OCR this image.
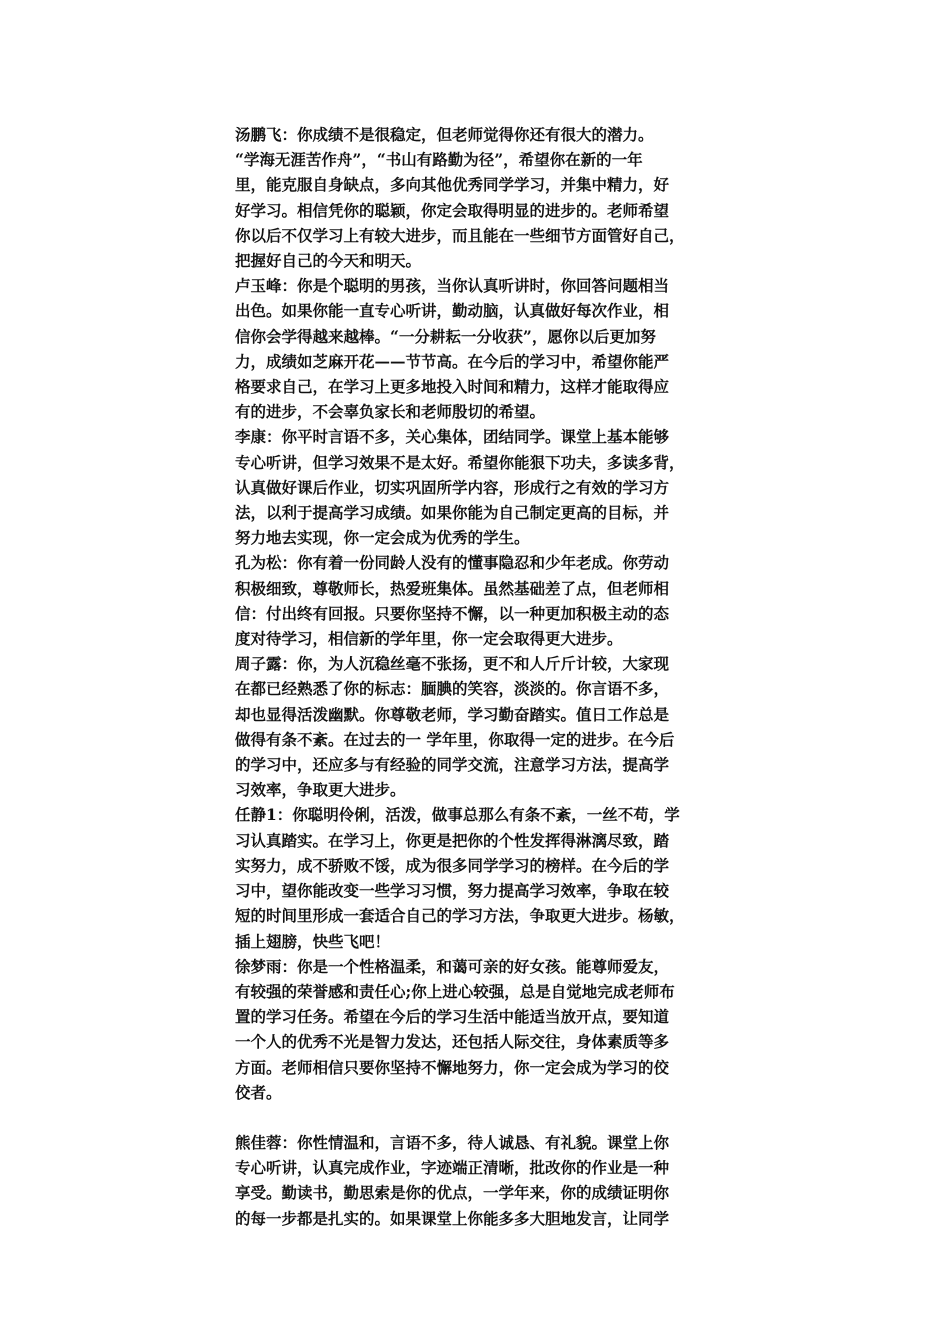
汤鹏飞：你成绩不是很稳定，但老师觉得你还有很大的潜力。
“学海无涯苦作舟”，“书山有路勤为径”，希望你在新的一年
里，能克服自身缺点，多向其他优秀同学学习，并集中精力，好
好学习。相信凭你的聪颖，你定会取得明显的进步的。老师希望
你以后不仅学习上有较大进步，而且能在一些细节方面管好自己，
把握好自己的今天和明天。
卢玉峰：你是个聪明的男孩，当你认真听讲时，你回答问题相当
出色。如果你能一直专心听讲，勤动脑，认真做好每次作业，相
信你会学得越来越棒。“一分耕耘一分收获”，愿你以后更加努
力，成绩如芝麻开花——节节高。在今后的学习中，希望你能严
格要求自己，在学习上更多地投入时间和精力，这样才能取得应
有的进步，不会辜负家长和老师殷切的希望。
李康：你平时言语不多，关心集体，团结同学。课堂上基本能够
专心听讲，但学习效果不是太好。希望你能狠下功夫，多读多背，
认真做好课后作业，切实巩固所学内容，形成行之有效的学习方
法，以利于提高学习成绩。如果你能为自己制定更高的目标，并
努力地去实现，你一定会成为优秀的学生。
孔为松：你有着一份同龄人没有的懂事隐忍和少年老成。你劳动
积极细致，尊敬师长，热爱班集体。虽然基础差了点，但老师相
信：付出终有回报。只要你坚持不懈，以一种更加积极主动的态
度对待学习，相信新的学年里，你一定会取得更大进步。
周子露：你，为人沉稳丝毫不张扬，更不和人斤斤计较，大家现
在都已经熟悉了你的标志：腼腆的笑容，淡淡的。你言语不多，
却也显得活泼幽默。你尊敬老师，学习勤奋踏实。值日工作总是
做得有条不紊。在过去的一 学年里，你取得一定的进步。在今后
的学习中，还应多与有经验的同学交流，注意学习方法，提高学
习效率，争取更大进步。
任静1：你聪明伶俐，活泼，做事总那么有条不紊，一丝不苟，学
习认真踏实。在学习上，你更是把你的个性发挥得淋漓尽致，踏
实努力，成不骄败不馁，成为很多同学学习的榜样。在今后的学
习中，望你能改变一些学习习惯，努力提高学习效率，争取在较
短的时间里形成一套适合自己的学习方法，争取更大进步。杨敏，
插上翅膀，快些飞吧！
徐梦雨：你是一个性格温柔，和蔼可亲的好女孩。能尊师爱友，
有较强的荣誉感和责任心;你上进心较强，总是自觉地完成老师布
置的学习任务。希望在今后的学习生活中能适当放开点，要知道
一个人的优秀不光是智力发达，还包括人际交往，身体素质等多
方面。老师相信只要你坚持不懈地努力，你一定会成为学习的佼
佼者。
熊佳蓉：你性情温和，言语不多，待人诚恳、有礼貌。课堂上你
专心听讲，认真完成作业，字迹端正清晰，批改你的作业是一种
享受。勤读书，勤思索是你的优点，一学年来，你的成绩证明你
的每一步都是扎实的。如果课堂上你能多多大胆地发言，让同学
